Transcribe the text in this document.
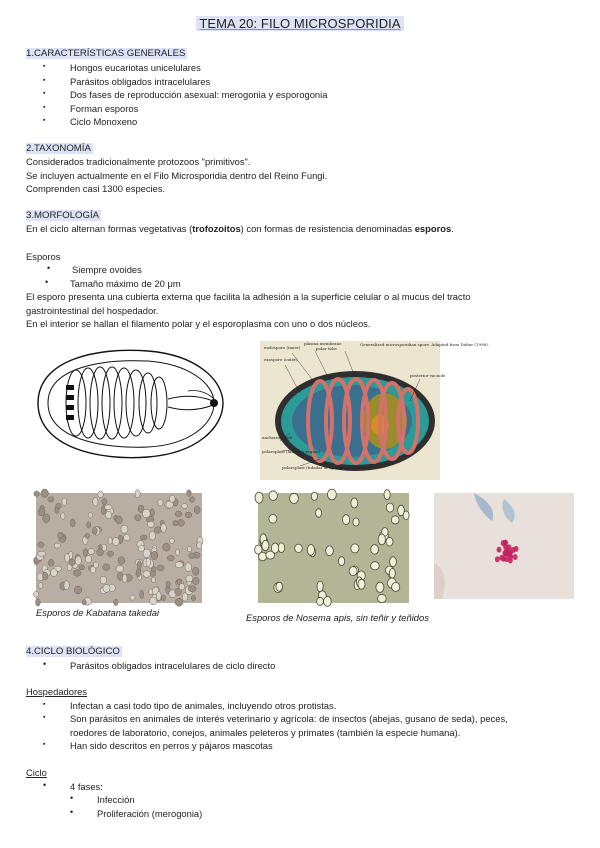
TEMA 20: FILO MICROSPORIDIA
1.CARACTERÍSTICAS GENERALES
▪ Hongos eucariotas unicelulares
▪ Parásitos obligados intracelulares
▪ Dos fases de reproducción asexual: merogonia y esporogonia
▪ Forman esporos
▪ Ciclo Monoxeno
2.TAXONOMÍA
Considerados tradicionalmente protozoos "primitivos".
Se incluyen actualmente en el Filo Microsporidia dentro del Reino Fungi.
Comprenden casi 1300 especies.
3.MORFOLOGÍA
En el ciclo alternan formas vegetativas (trofozoitos) con formas de resistencia denominadas esporos.
Esporos
• Siempre ovoides
• Tamaño máximo de 20 μm
El esporo presenta una cubierta externa que facilita la adhesión a la superficie celular o al mucus del tracto
gastrointestinal del hospedador.
En el interior se hallan el filamento polar y el esporoplasma con uno o dos núcleos.
endospore (inner)
plasma membrane
polar tube
Generalized microsporidian spore. Adapted from Didier (1998).
exospore (outer)
posterior vacuole
anchoring disk
polaroplast (lamellar region)
polaroplast (tubular or sporoplasm portion)
Esporos de Kabatana takedai	Esporos de Nosema apis, sin teñir y teñidos
4.CICLO BIOLÓGICO
• Parásitos obligados intracelulares de ciclo directo
Hospedadores
▪ Infectan a casi todo tipo de animales, incluyendo otros protistas.
▪ Son parásitos en animales de interés veterinario y agrícola: de insectos (abejas, gusano de seda), peces,
roedores de laboratorio, conejos, animales peleteros y primates (también la especie humana).
▪ Han sido descritos en perros y pájaros mascotas
Ciclo
• 4 fases:
• Infección
• Proliferación (merogonia)
